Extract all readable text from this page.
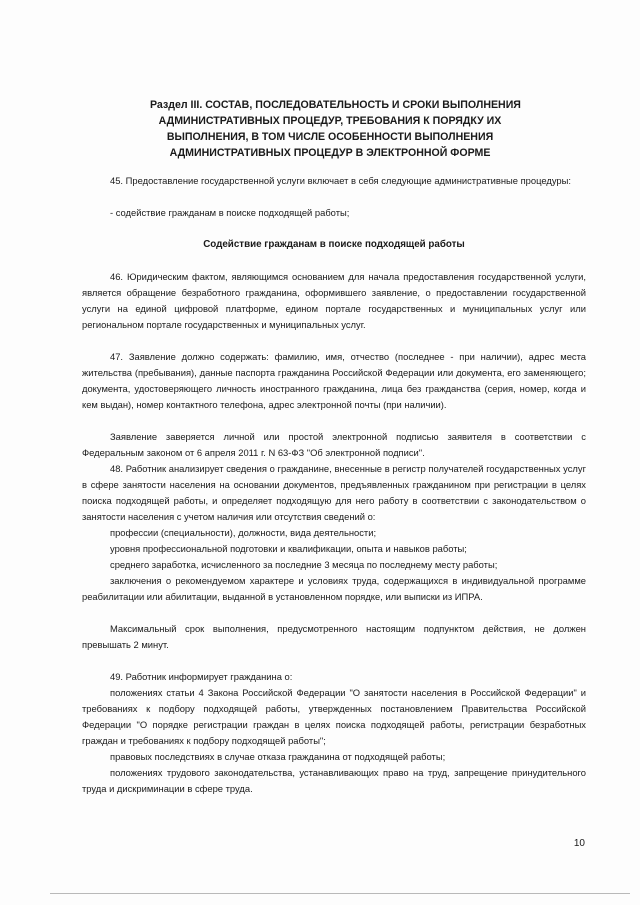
Раздел III. СОСТАВ, ПОСЛЕДОВАТЕЛЬНОСТЬ И СРОКИ ВЫПОЛНЕНИЯ
АДМИНИСТРАТИВНЫХ ПРОЦЕДУР, ТРЕБОВАНИЯ К ПОРЯДКУ ИХ
ВЫПОЛНЕНИЯ, В ТОМ ЧИСЛЕ ОСОБЕННОСТИ ВЫПОЛНЕНИЯ
АДМИНИСТРАТИВНЫХ ПРОЦЕДУР В ЭЛЕКТРОННОЙ ФОРМЕ

45. Предоставление государственной услуги включает в себя следующие административные процедуры:

- содействие гражданам в поиске подходящей работы;

Содействие гражданам в поиске подходящей работы

46. Юридическим фактом, являющимся основанием для начала предоставления государственной услуги, является обращение безработного гражданина, оформившего заявление, о предоставлении государственной услуги на единой цифровой платформе, едином портале государственных и муниципальных услуг или региональном портале государственных и муниципальных услуг.

47. Заявление должно содержать: фамилию, имя, отчество (последнее - при наличии), адрес места жительства (пребывания), данные паспорта гражданина Российской Федерации или документа, его заменяющего; документа, удостоверяющего личность иностранного гражданина, лица без гражданства (серия, номер, когда и кем выдан), номер контактного телефона, адрес электронной почты (при наличии).

Заявление заверяется личной или простой электронной подписью заявителя в соответствии с Федеральным законом от 6 апреля 2011 г. N 63-ФЗ "Об электронной подписи".

48. Работник анализирует сведения о гражданине, внесенные в регистр получателей государственных услуг в сфере занятости населения на основании документов, предъявленных гражданином при регистрации в целях поиска подходящей работы, и определяет подходящую для него работу в соответствии с законодательством о занятости населения с учетом наличия или отсутствия сведений о:

профессии (специальности), должности, вида деятельности;

уровня профессиональной подготовки и квалификации, опыта и навыков работы;

среднего заработка, исчисленного за последние 3 месяца по последнему месту работы;

заключения о рекомендуемом характере и условиях труда, содержащихся в индивидуальной программе реабилитации или абилитации, выданной в установленном порядке, или выписки из ИПРА.

Максимальный срок выполнения, предусмотренного настоящим подпунктом действия, не должен превышать 2 минут.

49. Работник информирует гражданина о:

положениях статьи 4 Закона Российской Федерации "О занятости населения в Российской Федерации" и требованиях к подбору подходящей работы, утвержденных постановлением Правительства Российской Федерации "О порядке регистрации граждан в целях поиска подходящей работы, регистрации безработных граждан и требованиях к подбору подходящей работы";

правовых последствиях в случае отказа гражданина от подходящей работы;

положениях трудового законодательства, устанавливающих право на труд, запрещение принудительного труда и дискриминации в сфере труда.

10
